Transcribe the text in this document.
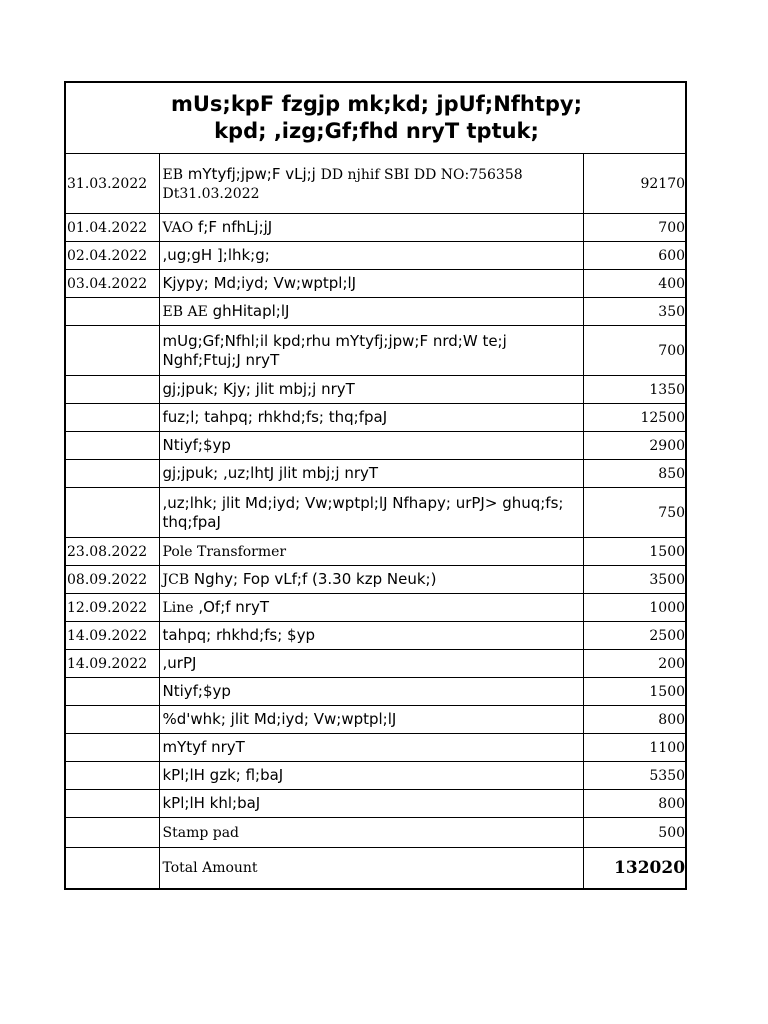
mUs;kpF fzgjp mk;kd; jpUf;Nfhtpy;
kpd; ,izg;Gf;fhd nryT tptuk;		

31.03.2022	EB mYtyfj;jpw;F vLj;j DD njhif SBI DD NO:756358 Dt31.03.2022	92170
01.04.2022	VAO f;F nfhLj;jJ	700
02.04.2022	,ug;gH ];lhk;g;	600
03.04.2022	Kjypy; Md;iyd; Vw;wptpl;lJ	400
	EB AE ghHitapl;lJ	350
	mUg;Gf;Nfhl;il kpd;rhu mYtyfj;jpw;F nrd;W te;j Nghf;Ftuj;J nryT	700
	gj;jpuk; Kjy; jlit mbj;j nryT	1350
	fuz;l; tahpq; rhkhd;fs; thq;fpaJ	12500
	Ntiyf;$yp	2900
	gj;jpuk; ,uz;lhtJ jlit mbj;j nryT	850
	,uz;lhk; jlit Md;iyd; Vw;wptpl;lJ Nfhapy; urPJ> ghuq;fs; thq;fpaJ	750
23.08.2022	Pole Transformer	1500
08.09.2022	JCB Nghy; Fop vLf;f (3.30 kzp Neuk;)	3500
12.09.2022	Line ,Of;f nryT	1000
14.09.2022	tahpq; rhkhd;fs; $yp	2500
14.09.2022	,urPJ	200
	Ntiyf;$yp	1500
	%d'whk; jlit Md;iyd; Vw;wptpl;lJ	800
	mYtyf nryT	1100
	kPl;lH gzk; fl;baJ	5350
	kPl;lH khl;baJ	800
	Stamp pad	500
	Total Amount	132020
